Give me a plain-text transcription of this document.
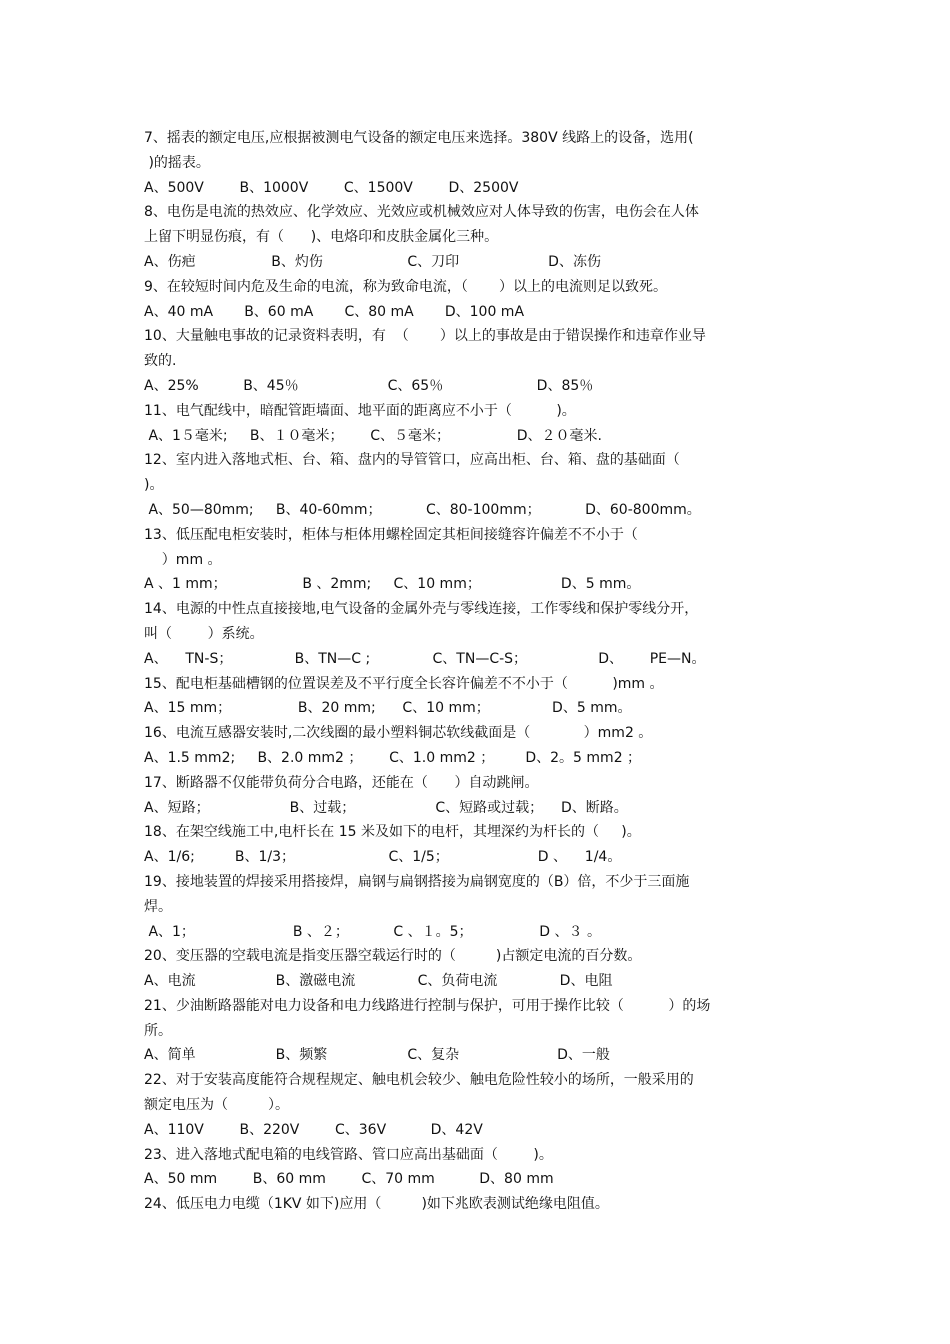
7、摇表的额定电压,应根据被测电气设备的额定电压来选择。380V 线路上的设备，选用(
)的摇表。
A、500V        B、1000V        C、1500V        D、2500V
8、电伤是电流的热效应、化学效应、光效应或机械效应对人体导致的伤害，电伤会在人体
上留下明显伤痕，有（      )、电烙印和皮肤金属化三种。
A、伤疤                 B、灼伤                   C、刀印                    D、冻伤
9、在较短时间内危及生命的电流，称为致命电流，（       ）以上的电流则足以致死。
A、40 mA       B、60 mA       C、80 mA       D、100 mA
10、大量触电事故的记录资料表明，有  （       ）以上的事故是由于错误操作和违章作业导
致的.
A、25%          B、45％                    C、65％                     D、85％
11、电气配线中，暗配管距墙面、地平面的距离应不小于（          )。
A、1５毫米;     B、１０毫米；      C、５毫米；               D、２０毫米.
12、室内进入落地式柜、台、箱、盘内的导管管口，应高出柜、台、箱、盘的基础面（
)。
A、50—80mm;     B、40-60mm；          C、80-100mm；          D、60-800mm。
13、低压配电柜安装时，柜体与柜体用螺栓固定其柜间接缝容许偏差不不小于（
）mm 。
A 、1 mm；                 B 、2mm;     C、10 mm；                  D、5 mm。
14、电源的中性点直接接地,电气设备的金属外壳与零线连接，工作零线和保护零线分开，
叫（        ）系统。
A、    TN-S；              B、TN—C ;              C、TN—C-S；                D、      PE—N。
15、配电柜基础槽钢的位置误差及不平行度全长容许偏差不不小于（          )mm 。
A、15 mm；               B、20 mm;      C、10 mm；              D、5 mm。
16、电流互感器安装时,二次线圈的最小塑料铜芯软线截面是（            ）mm2 。
A、1.5 mm2;     B、2.0 mm2 ；      C、1.0 mm2 ；       D、2。5 mm2 ；
17、断路器不仅能带负荷分合电路，还能在（      ）自动跳闸。
A、短路；                  B、过载；                  C、短路或过载；    D、断路。
18、在架空线施工中,电杆长在 15 米及如下的电杆，其埋深约为杆长的（     )。
A、1/6;         B、1/3；                     C、1/5；                    D 、    1/4。
19、接地装置的焊接采用搭接焊，扁钢与扁钢搭接为扁钢宽度的（B）倍，不少于三面施
焊。
A、1；                      B 、２；          C 、１。5；               D 、３ 。
20、变压器的空载电流是指变压器空载运行时的（         )占额定电流的百分数。
A、电流                  B、激磁电流              C、负荷电流              D、电阻
21、少油断路器能对电力设备和电力线路进行控制与保护，可用于操作比较（          ）的场
所。
A、简单                  B、频繁                  C、复杂                      D、一般
22、对于安装高度能符合规程规定、触电机会较少、触电危险性较小的场所，一般采用的
额定电压为（         ）。
A、110V        B、220V        C、36V          D、42V
23、进入落地式配电箱的电线管路、管口应高出基础面（        )。
A、50 mm        B、60 mm        C、70 mm          D、80 mm
24、低压电力电缆（1KV 如下)应用（         )如下兆欧表测试绝缘电阻值。
